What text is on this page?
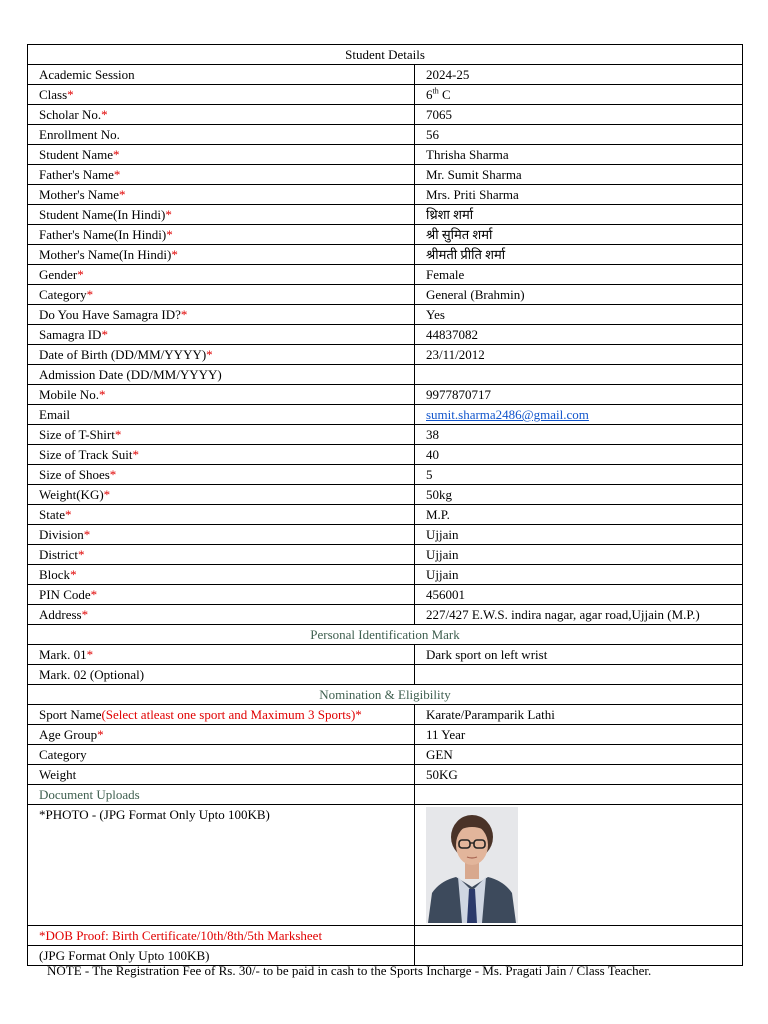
Student Details	
Academic Session	2024-25
Class*	6th C
Scholar No.*	7065
Enrollment No.	56
Student Name*	Thrisha Sharma
Father's Name*	Mr. Sumit Sharma
Mother's Name*	Mrs. Priti Sharma
Student Name(In Hindi)*	थ्रिशा शर्मा
Father's Name(In Hindi)*	श्री सुमित शर्मा
Mother's Name(In Hindi)*	श्रीमती प्रीति शर्मा
Gender*	Female
Category*	General (Brahmin)
Do You Have Samagra ID?*	Yes
Samagra ID*	44837082
Date of Birth (DD/MM/YYYY)*	23/11/2012
Admission Date (DD/MM/YYYY)	
Mobile No.*	9977870717
Email	sumit.sharma2486@gmail.com
Size of T-Shirt*	38
Size of Track Suit*	40
Size of Shoes*	5
Weight(KG)*	50kg
State*	M.P.
Division*	Ujjain
District*	Ujjain
Block*	Ujjain
PIN Code*	456001
Address*	227/427 E.W.S. indira nagar, agar road,Ujjain (M.P.)
Personal Identification Mark	
Mark. 01*	Dark sport on left wrist
Mark. 02 (Optional)	
Nomination & Eligibility	
Sport Name(Select atleast one sport and Maximum 3 Sports)*	Karate/Paramparik Lathi
Age Group*	11 Year
Category	GEN
Weight	50KG
Document Uploads	
*PHOTO - (JPG Format Only Upto 100KB)	

*DOB Proof: Birth Certificate/10th/8th/5th Marksheet	
(JPG Format Only Upto 100KB)	
NOTE - The Registration Fee of Rs. 30/- to be paid in cash to the Sports Incharge - Ms. Pragati Jain / Class Teacher.
